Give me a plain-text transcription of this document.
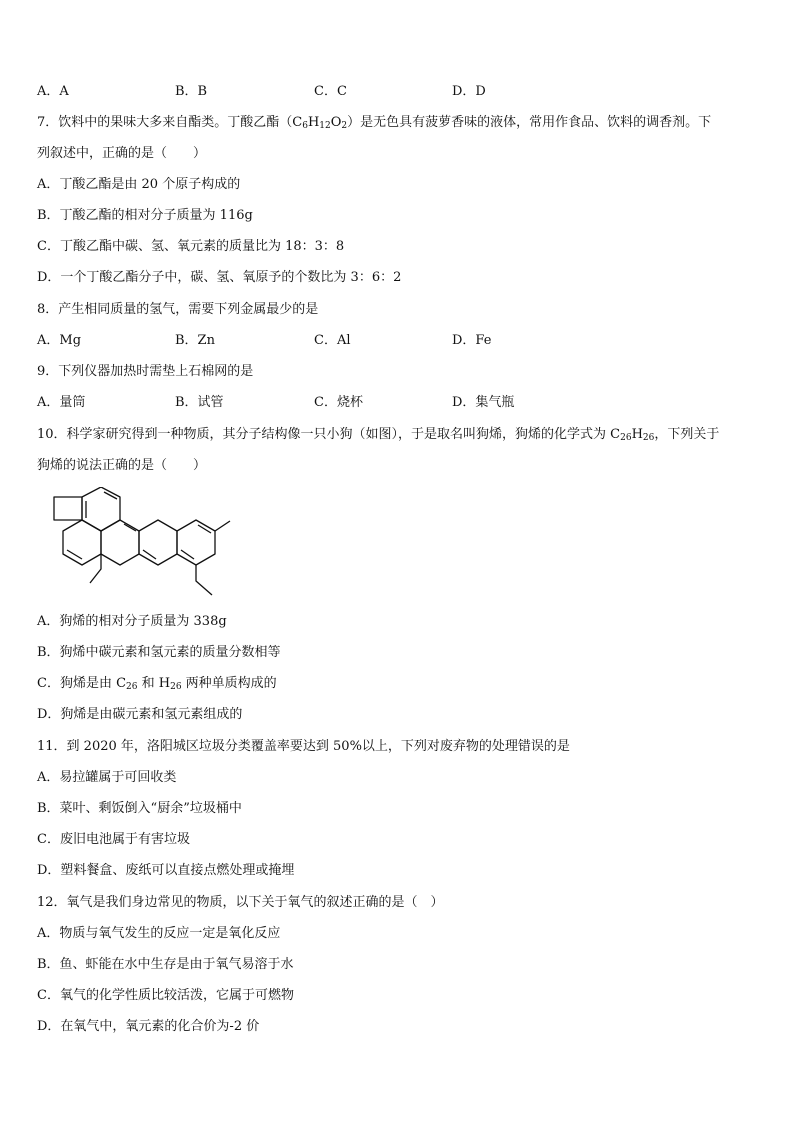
A．A	B．B	C．C	D．D
7．饮料中的果味大多来自酯类。丁酸乙酯$(C_6H_{12}O_2)$是无色具有菠萝香味的液体，常用作食品、饮料的调香剂。下
列叙述中，正确的是（　　）
A．丁酸乙酯是由 20 个原子构成的
B．丁酸乙酯的相对分子质量为 116g
C．丁酸乙酯中碳、氢、氧元素的质量比为 18：3：8
D．一个丁酸乙酯分子中，碳、氢、氧原予的个数比为 3：6：2
8．产生相同质量的氢气，需要下列金属最少的是
A．Mg	B．Zn	C．Al	D．Fe
9．下列仪器加热时需垫上石棉网的是
A．量筒	B．试管	C．烧杯	D．集气瓶
10．科学家研究得到一种物质，其分子结构像一只小狗（如图），于是取名叫狗烯，狗烯的化学式为 $C_{26}H_{26}$，下列关于
狗烯的说法正确的是（　　）
A．狗烯的相对分子质量为 338g
B．狗烯中碳元素和氢元素的质量分数相等
C．狗烯是由 $C_{26}$ 和 $H_{26}$ 两种单质构成的
D．狗烯是由碳元素和氢元素组成的
11．到 2020 年，洛阳城区垃圾分类覆盖率要达到 50%以上，下列对废弃物的处理错误的是
A．易拉罐属于可回收类
B．菜叶、剩饭倒入“厨余”垃圾桶中
C．废旧电池属于有害垃圾
D．塑料餐盒、废纸可以直接点燃处理或掩埋
12．氧气是我们身边常见的物质，以下关于氧气的叙述正确的是（　）
A．物质与氧气发生的反应一定是氧化反应
B．鱼、虾能在水中生存是由于氧气易溶于水
C．氧气的化学性质比较活泼，它属于可燃物
D．在氧气中，氧元素的化合价为-2 价
